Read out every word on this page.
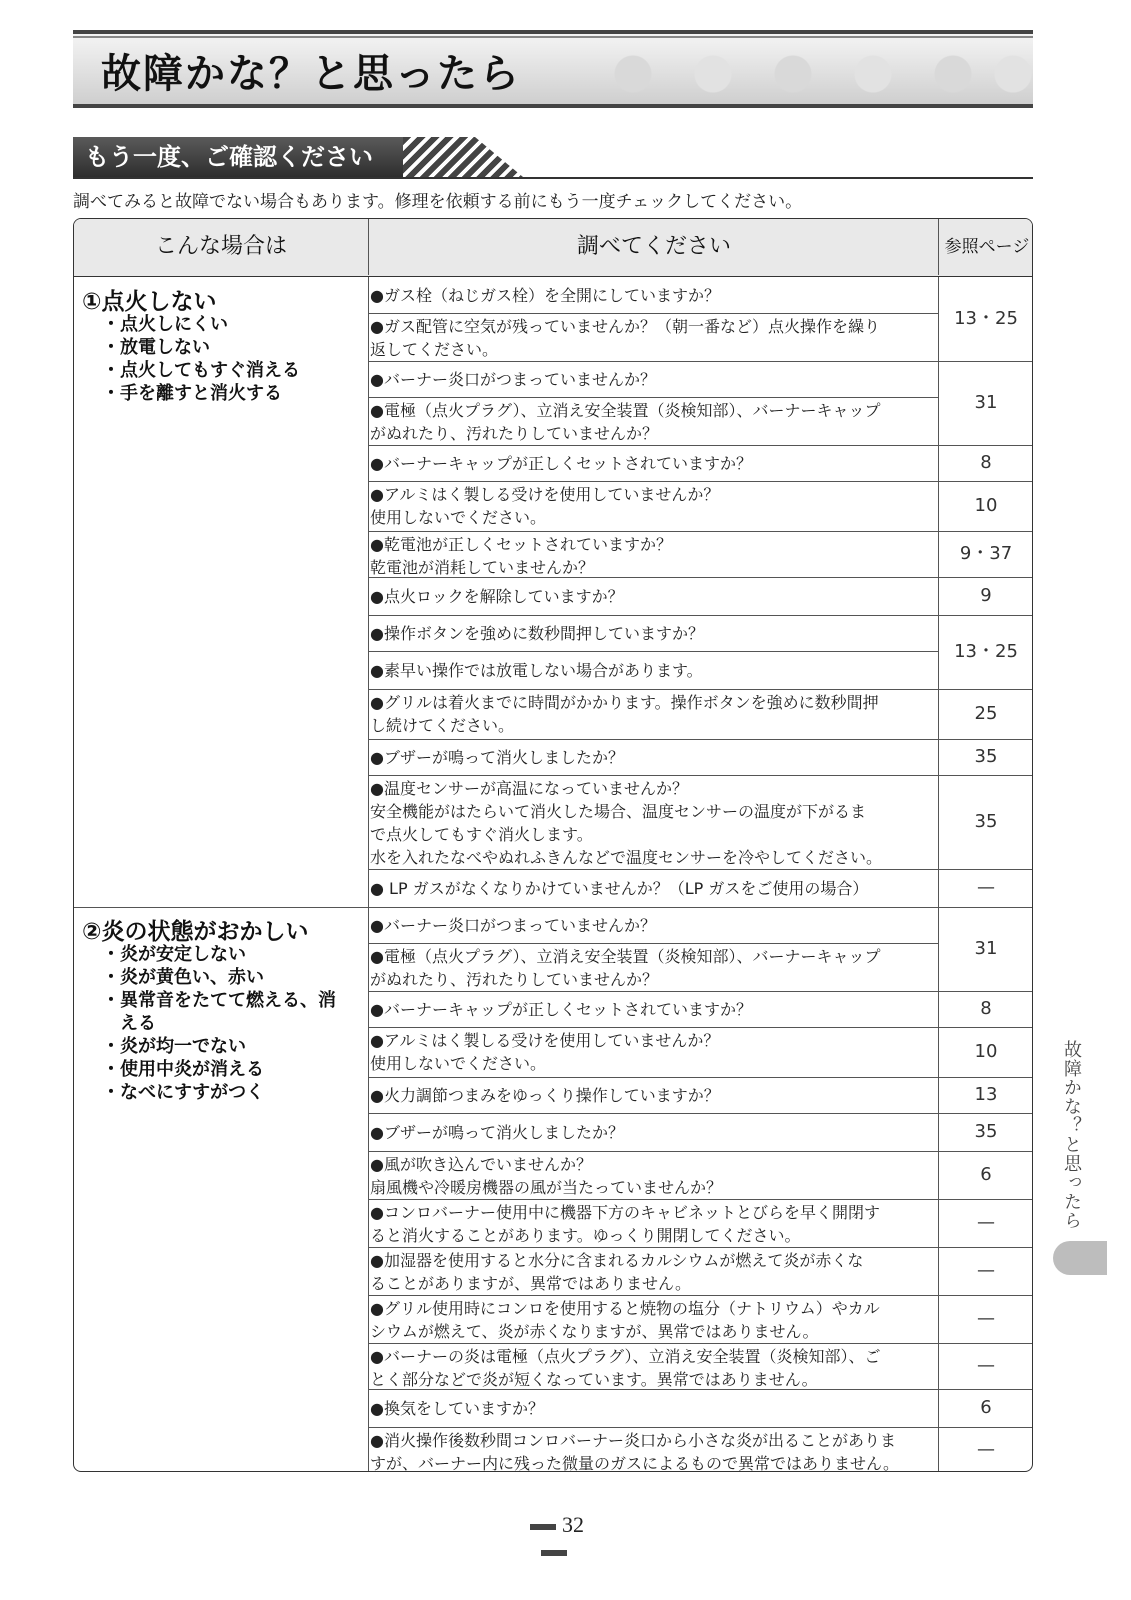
故障かな？と思ったら
もう一度、ご確認ください

調べてみると故障でない場合もあります。修理を依頼する前にもう一度チェックしてください。

こんな場合は	調べてください	参照ページ
①点火しない
・点火しにくい
・放電しない
・点火してもすぐ消える
・手を離すと消火する
②炎の状態がおかしい
・炎が安定しない
・炎が黄色い、赤い
・異常音をたてて燃える、消
　える
・炎が均一でない
・使用中炎が消える
・なべにすすがつく
●ガス栓（ねじガス栓）を全開にしていますか？
●ガス配管に空気が残っていませんか？（朝一番など）点火操作を繰り
返してください。
●バーナー炎口がつまっていませんか？
●電極（点火プラグ）、立消え安全装置（炎検知部）、バーナーキャップ
がぬれたり、汚れたりしていませんか？
●バーナーキャップが正しくセットされていますか？
●アルミはく製しる受けを使用していませんか？
使用しないでください。
●乾電池が正しくセットされていますか？
乾電池が消耗していませんか？
●点火ロックを解除していますか？
●操作ボタンを強めに数秒間押していますか？
●素早い操作では放電しない場合があります。
●グリルは着火までに時間がかかります。操作ボタンを強めに数秒間押
し続けてください。
●ブザーが鳴って消火しましたか？
●温度センサーが高温になっていませんか？
安全機能がはたらいて消火した場合、温度センサーの温度が下がるま
で点火してもすぐ消火します。
水を入れたなべやぬれふきんなどで温度センサーを冷やしてください。
● LP ガスがなくなりかけていませんか？（LP ガスをご使用の場合）
●バーナー炎口がつまっていませんか？
●電極（点火プラグ）、立消え安全装置（炎検知部）、バーナーキャップ
がぬれたり、汚れたりしていませんか？
●バーナーキャップが正しくセットされていますか？
●アルミはく製しる受けを使用していませんか？
使用しないでください。
●火力調節つまみをゆっくり操作していますか？
●ブザーが鳴って消火しましたか？
●風が吹き込んでいませんか？
扇風機や冷暖房機器の風が当たっていませんか？
●コンロバーナー使用中に機器下方のキャビネットとびらを早く開閉す
ると消火することがあります。ゆっくり開閉してください。
●加湿器を使用すると水分に含まれるカルシウムが燃えて炎が赤くな
ることがありますが、異常ではありません。
●グリル使用時にコンロを使用すると焼物の塩分（ナトリウム）やカル
シウムが燃えて、炎が赤くなりますが、異常ではありません。
●バーナーの炎は電極（点火プラグ）、立消え安全装置（炎検知部）、ご
とく部分などで炎が短くなっています。異常ではありません。
●換気をしていますか？
●消火操作後数秒間コンロバーナー炎口から小さな炎が出ることがありま
すが、バーナー内に残った微量のガスによるもので異常ではありません。
13・25
31
8
10
9・37
9
13・25
25
35
35
—
31
8
10
13
35
6
—
—
—
—
6
—
故障かな？と思ったら
32
